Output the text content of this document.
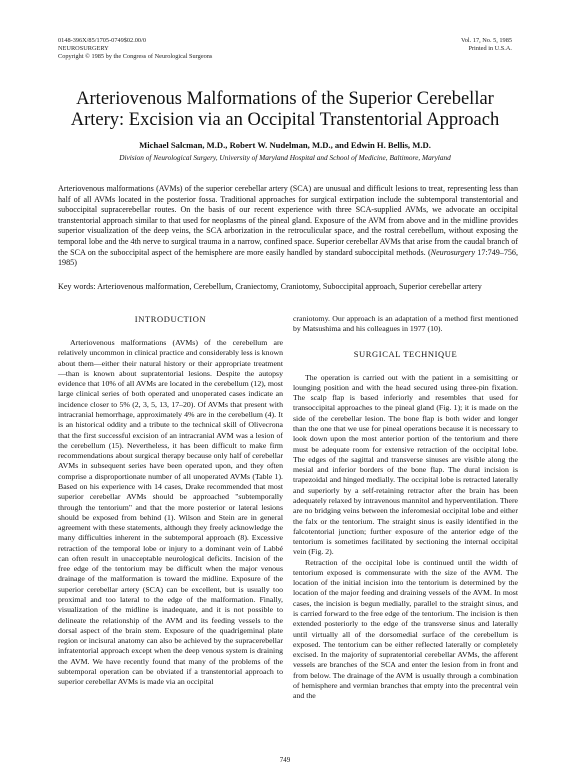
0148-396X/85/1705-0749$02.00/0
NEUROSURGERY
Copyright © 1985 by the Congress of Neurological Surgeons
Vol. 17, No. 5, 1985
Printed in U.S.A.
Arteriovenous Malformations of the Superior Cerebellar
Artery: Excision via an Occipital Transtentorial Approach
Michael Salcman, M.D., Robert W. Nudelman, M.D., and Edwin H. Bellis, M.D.
Division of Neurological Surgery, University of Maryland Hospital and School of Medicine, Baltimore, Maryland
Arteriovenous malformations (AVMs) of the superior cerebellar artery (SCA) are unusual and difficult lesions to treat, representing less than half of all AVMs located in the posterior fossa. Traditional approaches for surgical extirpation include the subtemporal transtentorial and suboccipital supracerebellar routes. On the basis of our recent experience with three SCA-supplied AVMs, we advocate an occipital transtentorial approach similar to that used for neoplasms of the pineal gland. Exposure of the AVM from above and in the midline provides superior visualization of the deep veins, the SCA arborization in the retroculicular space, and the rostral cerebellum, without exposing the temporal lobe and the 4th nerve to surgical trauma in a narrow, confined space. Superior cerebellar AVMs that arise from the caudal branch of the SCA on the suboccipital aspect of the hemisphere are more easily handled by standard suboccipital methods. (Neurosurgery 17:749–756, 1985)
Key words: Arteriovenous malformation, Cerebellum, Craniectomy, Craniotomy, Suboccipital approach, Superior cerebellar artery
INTRODUCTION

Arteriovenous malformations (AVMs) of the cerebellum are relatively uncommon in clinical practice and considerably less is known about them—either their natural history or their appropriate treatment—than is known about supratentorial lesions. Despite the autopsy evidence that 10% of all AVMs are located in the cerebellum (12), most large clinical series of both operated and unoperated cases indicate an incidence closer to 5% (2, 3, 5, 13, 17–20). Of AVMs that present with intracranial hemorrhage, approximately 4% are in the cerebellum (4). It is an historical oddity and a tribute to the technical skill of Olivecrona that the first successful excision of an intracranial AVM was a lesion of the cerebellum (15). Nevertheless, it has been difficult to make firm recommendations about surgical therapy because only half of cerebellar AVMs in subsequent series have been operated upon, and they often comprise a disproportionate number of all unoperated AVMs (Table 1). Based on his experience with 14 cases, Drake recommended that most superior cerebellar AVMs should be approached "subtemporally through the tentorium" and that the more posterior or lateral lesions should be exposed from behind (1). Wilson and Stein are in general agreement with these statements, although they freely acknowledge the many difficulties inherent in the subtemporal approach (8). Excessive retraction of the temporal lobe or injury to a dominant vein of Labbé can often result in unacceptable neurological deficits. Incision of the free edge of the tentorium may be difficult when the major venous drainage of the malformation is toward the midline. Exposure of the superior cerebellar artery (SCA) can be excellent, but is usually too proximal and too lateral to the edge of the malformation. Finally, visualization of the midline is inadequate, and it is not possible to delineate the relationship of the AVM and its feeding vessels to the dorsal aspect of the brain stem. Exposure of the quadrigeminal plate region or incisural anatomy can also be achieved by the supracerebellar infratentorial approach except when the deep venous system is draining the AVM. We have recently found that many of the problems of the subtemporal operation can be obviated if a transtentorial approach to superior cerebellar AVMs is made via an occipital

craniotomy. Our approach is an adaptation of a method first mentioned by Matsushima and his colleagues in 1977 (10).

SURGICAL TECHNIQUE

The operation is carried out with the patient in a semisitting or lounging position and with the head secured using three-pin fixation. The scalp flap is based inferiorly and resembles that used for transoccipital approaches to the pineal gland (Fig. 1); it is made on the side of the cerebellar lesion. The bone flap is both wider and longer than the one that we use for pineal operations because it is necessary to look down upon the most anterior portion of the tentorium and there must be adequate room for extensive retraction of the occipital lobe. The edges of the sagittal and transverse sinuses are visible along the mesial and inferior borders of the bone flap. The dural incision is trapezoidal and hinged medially. The occipital lobe is retracted laterally and superiorly by a self-retaining retractor after the brain has been adequately relaxed by intravenous mannitol and hyperventilation. There are no bridging veins between the inferomesial occipital lobe and either the falx or the tentorium. The straight sinus is easily identified in the falcotentorial junction; further exposure of the anterior edge of the tentorium is sometimes facilitated by sectioning the internal occipital vein (Fig. 2).

Retraction of the occipital lobe is continued until the width of tentorium exposed is commensurate with the size of the AVM. The location of the initial incision into the tentorium is determined by the location of the major feeding and draining vessels of the AVM. In most cases, the incision is begun medially, parallel to the straight sinus, and is carried forward to the free edge of the tentorium. The incision is then extended posteriorly to the edge of the transverse sinus and laterally until virtually all of the dorsomedial surface of the cerebellum is exposed. The tentorium can be either reflected laterally or completely excised. In the majority of supratentorial cerebellar AVMs, the afferent vessels are branches of the SCA and enter the lesion from in front and from below. The drainage of the AVM is usually through a combination of hemisphere and vermian branches that empty into the precentral vein and the

749
